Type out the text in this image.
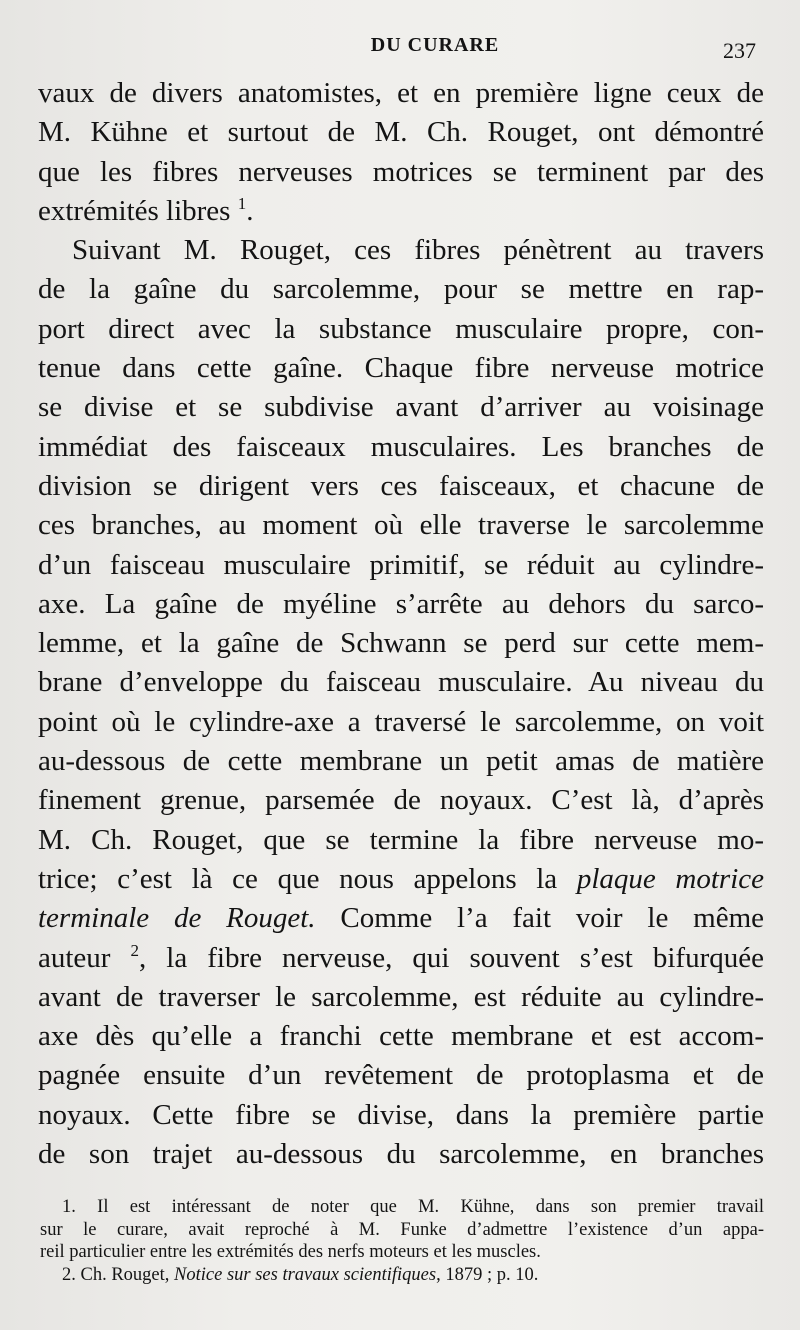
DU CURARE	237
vaux de divers anatomistes, et en première ligne ceux de
M. Kühne et surtout de M. Ch. Rouget, ont démontré
que les fibres nerveuses motrices se terminent par des
extrémités libres $^1$.
Suivant M. Rouget, ces fibres pénètrent au travers
de la gaîne du sarcolemme, pour se mettre en rap-
port direct avec la substance musculaire propre, con-
tenue dans cette gaîne. Chaque fibre nerveuse motrice
se divise et se subdivise avant d’arriver au voisinage
immédiat des faisceaux musculaires. Les branches de
division se dirigent vers ces faisceaux, et chacune de
ces branches, au moment où elle traverse le sarcolemme
d’un faisceau musculaire primitif, se réduit au cylindre-
axe. La gaîne de myéline s’arrête au dehors du sarco-
lemme, et la gaîne de Schwann se perd sur cette mem-
brane d’enveloppe du faisceau musculaire. Au niveau du
point où le cylindre-axe a traversé le sarcolemme, on voit
au-dessous de cette membrane un petit amas de matière
finement grenue, parsemée de noyaux. C’est là, d’après
M. Ch. Rouget, que se termine la fibre nerveuse mo-
trice; c’est là ce que nous appelons la plaque motrice
terminale de Rouget. Comme l’a fait voir le même
auteur $^2$, la fibre nerveuse, qui souvent s’est bifurquée
avant de traverser le sarcolemme, est réduite au cylindre-
axe dès qu’elle a franchi cette membrane et est accom-
pagnée ensuite d’un revêtement de protoplasma et de
noyaux. Cette fibre se divise, dans la première partie
de son trajet au-dessous du sarcolemme, en branches
1. Il est intéressant de noter que M. Kühne, dans son premier travail
sur le curare, avait reproché à M. Funke d’admettre l’existence d’un appa-
reil particulier entre les extrémités des nerfs moteurs et les muscles.
2. Ch. Rouget, Notice sur ses travaux scientifiques, 1879 ; p. 10.
